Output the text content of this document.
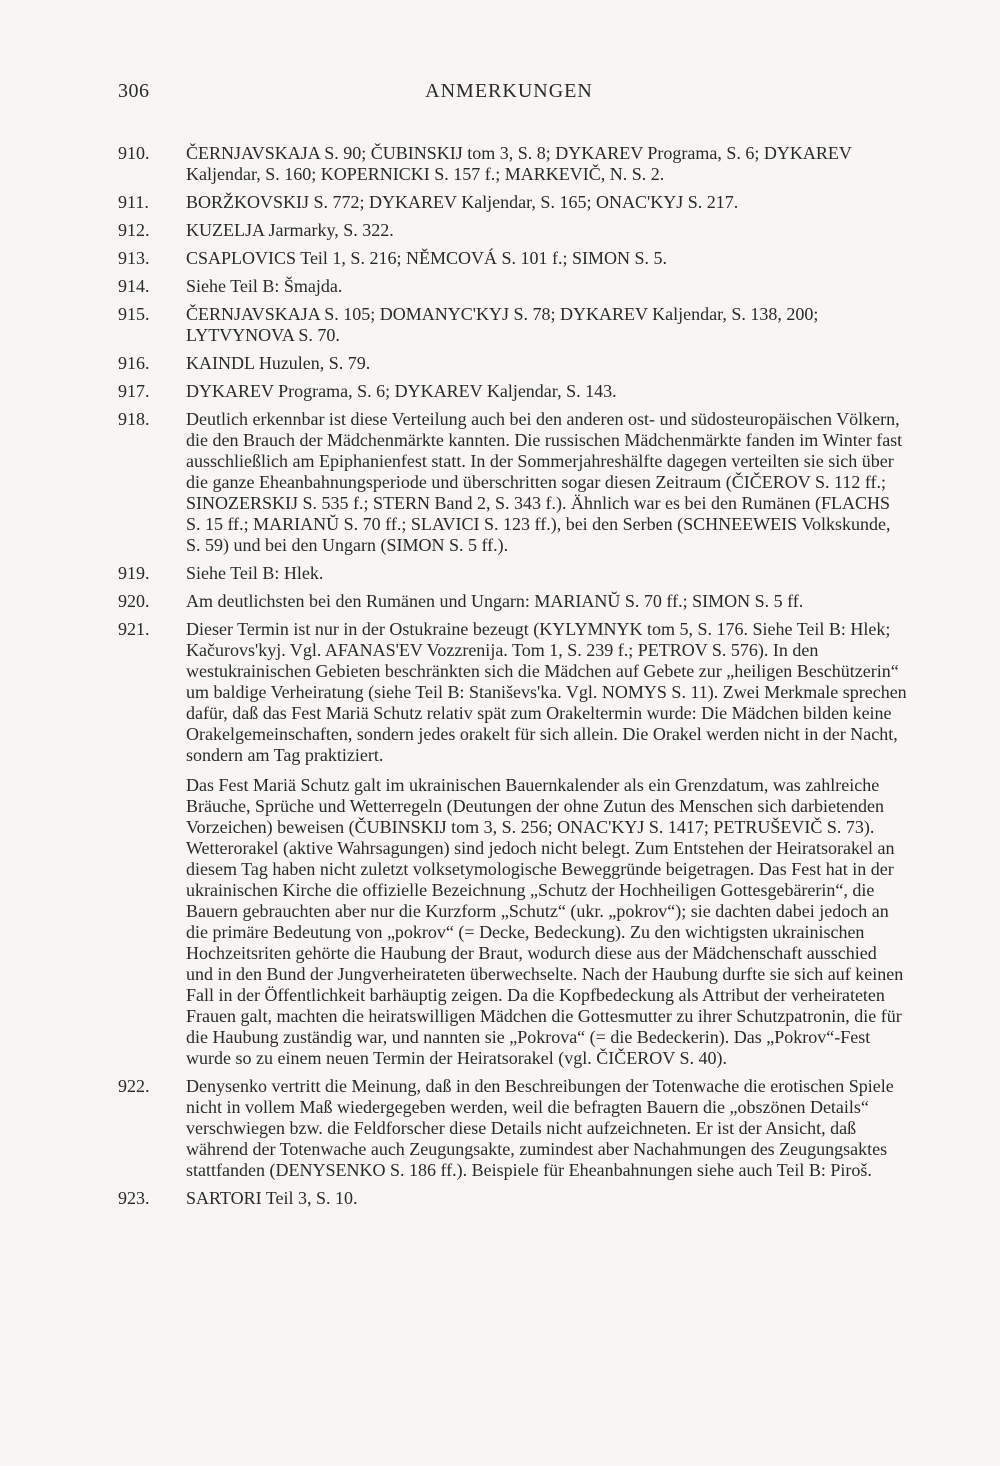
306	ANMERKUNGEN
910.	ČERNJAVSKAJA S. 90; ČUBINSKIJ tom 3, S. 8; DYKAREV Programa, S. 6; DYKAREV Kaljendar, S. 160; KOPERNICKI S. 157 f.; MARKEVIČ, N. S. 2.

911.	BORŽKOVSKIJ S. 772; DYKAREV Kaljendar, S. 165; ONAC'KYJ S. 217.

912.	KUZELJA Jarmarky, S. 322.

913.	CSAPLOVICS Teil 1, S. 216; NĚMCOVÁ S. 101 f.; SIMON S. 5.

914.	Siehe Teil B: Šmajda.

915.	ČERNJAVSKAJA S. 105; DOMANYC'KYJ S. 78; DYKAREV Kaljendar, S. 138, 200; LYTVYNOVA S. 70.

916.	KAINDL Huzulen, S. 79.

917.	DYKAREV Programa, S. 6; DYKAREV Kaljendar, S. 143.

918.	Deutlich erkennbar ist diese Verteilung auch bei den anderen ost- und südosteuropäischen Völkern, die den Brauch der Mädchenmärkte kannten. Die russischen Mädchenmärkte fanden im Winter fast ausschließlich am Epiphanienfest statt. In der Sommerjahreshälfte dagegen verteilten sie sich über die ganze Eheanbahnungsperiode und überschritten sogar diesen Zeitraum (ČIČEROV S. 112 ff.; SINOZERSKIJ S. 535 f.; STERN Band 2, S. 343 f.). Ähnlich war es bei den Rumänen (FLACHS S. 15 ff.; MARIANŬ S. 70 ff.; SLAVICI S. 123 ff.), bei den Serben (SCHNEEWEIS Volkskunde, S. 59) und bei den Ungarn (SIMON S. 5 ff.).

919.	Siehe Teil B: Hlek.

920.	Am deutlichsten bei den Rumänen und Ungarn: MARIANŬ S. 70 ff.; SIMON S. 5 ff.

921.	Dieser Termin ist nur in der Ostukraine bezeugt (KYLYMNYK tom 5, S. 176. Siehe Teil B: Hlek; Kačurovs'kyj. Vgl. AFANAS'EV Vozzrenija. Tom 1, S. 239 f.; PETROV S. 576). In den westukrainischen Gebieten beschränkten sich die Mädchen auf Gebete zur „heiligen Beschützerin“ um baldige Verheiratung (siehe Teil B: Stanišеvs'ka. Vgl. NOMYS S. 11). Zwei Merkmale sprechen dafür, daß das Fest Mariä Schutz relativ spät zum Orakeltermin wurde: Die Mädchen bilden keine Orakelgemeinschaften, sondern jedes orakelt für sich allein. Die Orakel werden nicht in der Nacht, sondern am Tag praktiziert.

Das Fest Mariä Schutz galt im ukrainischen Bauernkalender als ein Grenzdatum, was zahlreiche Bräuche, Sprüche und Wetterregeln (Deutungen der ohne Zutun des Menschen sich darbietenden Vorzeichen) beweisen (ČUBINSKIJ tom 3, S. 256; ONAC'KYJ S. 1417; PETRUŠEVIČ S. 73). Wetterorakel (aktive Wahrsagungen) sind jedoch nicht belegt. Zum Entstehen der Heiratsorakel an diesem Tag haben nicht zuletzt volksetymologische Beweggründe beigetragen. Das Fest hat in der ukrainischen Kirche die offizielle Bezeichnung „Schutz der Hochheiligen Gottesgebärerin“, die Bauern gebrauchten aber nur die Kurzform „Schutz“ (ukr. „pokrov“); sie dachten dabei jedoch an die primäre Bedeutung von „pokrov“ (= Decke, Bedeckung). Zu den wichtigsten ukrainischen Hochzeitsriten gehörte die Haubung der Braut, wodurch diese aus der Mädchenschaft ausschied und in den Bund der Jungverheirateten überwechselte. Nach der Haubung durfte sie sich auf keinen Fall in der Öffentlichkeit barhäuptig zeigen. Da die Kopfbedeckung als Attribut der verheirateten Frauen galt, machten die heiratswilligen Mädchen die Gottesmutter zu ihrer Schutzpatronin, die für die Haubung zuständig war, und nannten sie „Pokrova“ (= die Bedeckerin). Das „Pokrov“-Fest wurde so zu einem neuen Termin der Heiratsorakel (vgl. ČIČEROV S. 40).

922.	Denysenko vertritt die Meinung, daß in den Beschreibungen der Totenwache die erotischen Spiele nicht in vollem Maß wiedergegeben werden, weil die befragten Bauern die „obszönen Details“ verschwiegen bzw. die Feldforscher diese Details nicht aufzeichneten. Er ist der Ansicht, daß während der Totenwache auch Zeugungsakte, zumindest aber Nachahmungen des Zeugungsaktes stattfanden (DENYSENKO S. 186 ff.). Beispiele für Eheanbahnungen siehe auch Teil B: Piroš.

923.	SARTORI Teil 3, S. 10.
